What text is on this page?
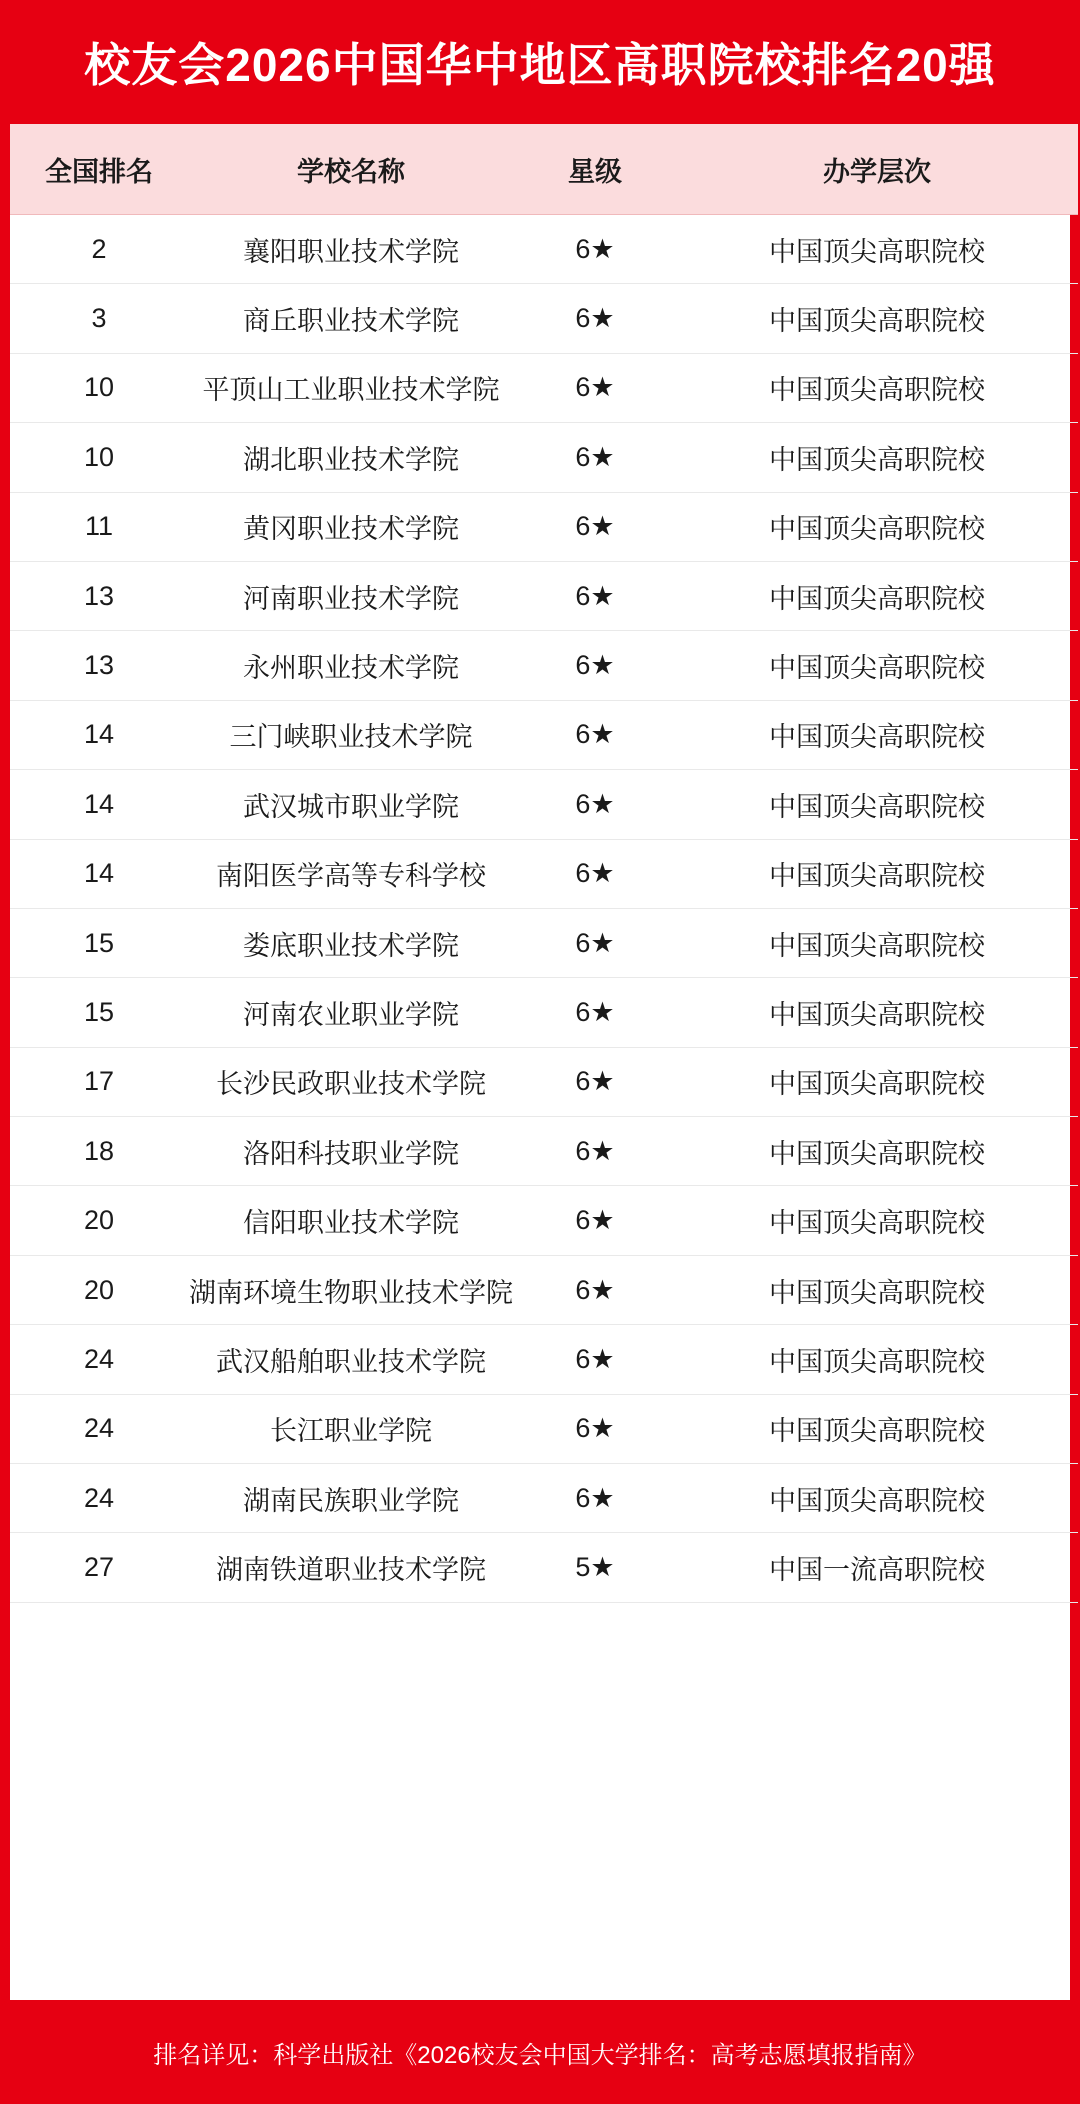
校友会2026中国华中地区高职院校排名20强
全国排名	学校名称	星级	办学层次
2	襄阳职业技术学院	6★	中国顶尖高职院校
3	商丘职业技术学院	6★	中国顶尖高职院校
10	平顶山工业职业技术学院	6★	中国顶尖高职院校
10	湖北职业技术学院	6★	中国顶尖高职院校
11	黄冈职业技术学院	6★	中国顶尖高职院校
13	河南职业技术学院	6★	中国顶尖高职院校
13	永州职业技术学院	6★	中国顶尖高职院校
14	三门峡职业技术学院	6★	中国顶尖高职院校
14	武汉城市职业学院	6★	中国顶尖高职院校
14	南阳医学高等专科学校	6★	中国顶尖高职院校
15	娄底职业技术学院	6★	中国顶尖高职院校
15	河南农业职业学院	6★	中国顶尖高职院校
17	长沙民政职业技术学院	6★	中国顶尖高职院校
18	洛阳科技职业学院	6★	中国顶尖高职院校
20	信阳职业技术学院	6★	中国顶尖高职院校
20	湖南环境生物职业技术学院	6★	中国顶尖高职院校
24	武汉船舶职业技术学院	6★	中国顶尖高职院校
24	长江职业学院	6★	中国顶尖高职院校
24	湖南民族职业学院	6★	中国顶尖高职院校
27	湖南铁道职业技术学院	5★	中国一流高职院校
排名详见：科学出版社《2026校友会中国大学排名：高考志愿填报指南》
